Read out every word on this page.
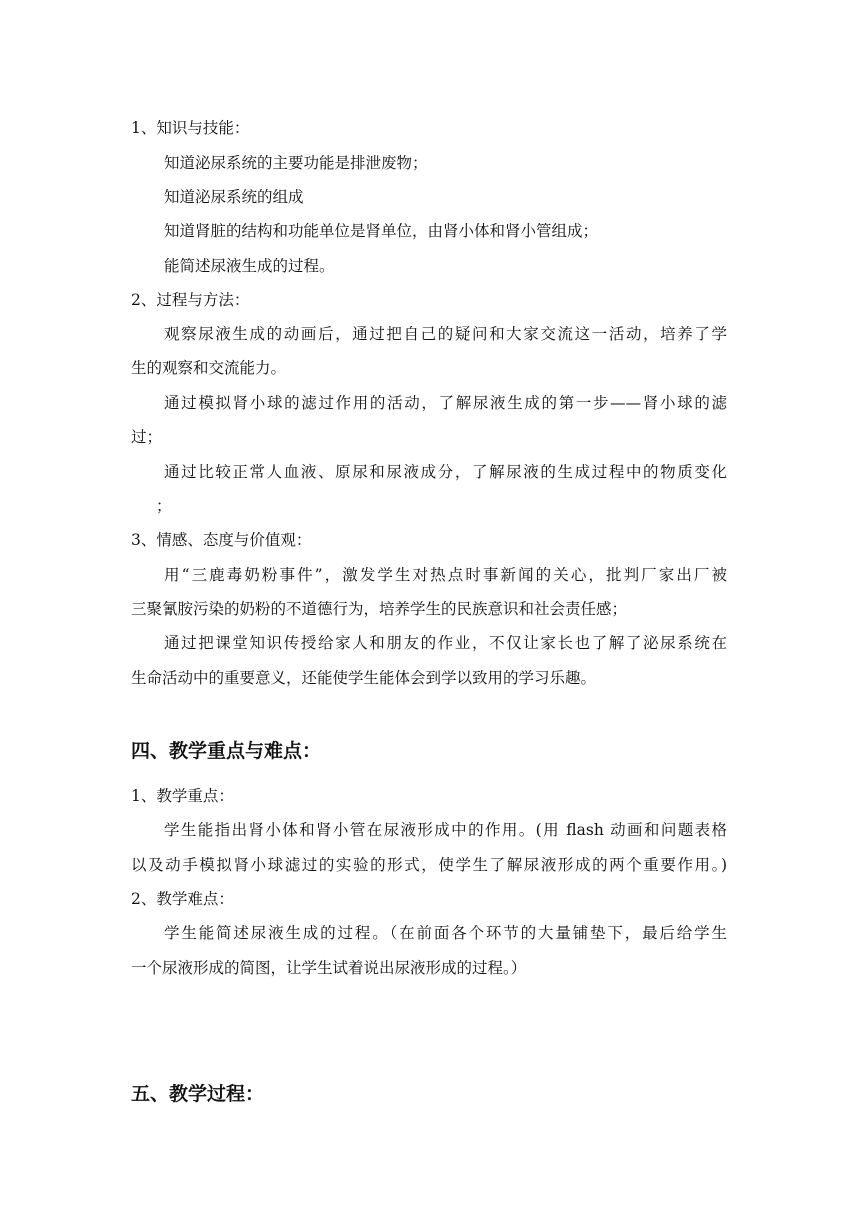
1、知识与技能：
知道泌尿系统的主要功能是排泄废物；
知道泌尿系统的组成
知道肾脏的结构和功能单位是肾单位，由肾小体和肾小管组成；
能简述尿液生成的过程。
2、过程与方法：
观察尿液生成的动画后，通过把自己的疑问和大家交流这一活动，培养了学
生的观察和交流能力。
通过模拟肾小球的滤过作用的活动，了解尿液生成的第一步——肾小球的滤
过；
通过比较正常人血液、原尿和尿液成分，了解尿液的生成过程中的物质变化
；
3、情感、态度与价值观：
用“三鹿毒奶粉事件”，激发学生对热点时事新闻的关心，批判厂家出厂被
三聚氰胺污染的奶粉的不道德行为，培养学生的民族意识和社会责任感；
通过把课堂知识传授给家人和朋友的作业，不仅让家长也了解了泌尿系统在
生命活动中的重要意义，还能使学生能体会到学以致用的学习乐趣。
四、教学重点与难点：
1、教学重点：
学生能指出肾小体和肾小管在尿液形成中的作用。(用 flash 动画和问题表格
以及动手模拟肾小球滤过的实验的形式，使学生了解尿液形成的两个重要作用。)
2、教学难点：
学生能简述尿液生成的过程。（在前面各个环节的大量铺垫下，最后给学生
一个尿液形成的简图，让学生试着说出尿液形成的过程。）
五、教学过程：
